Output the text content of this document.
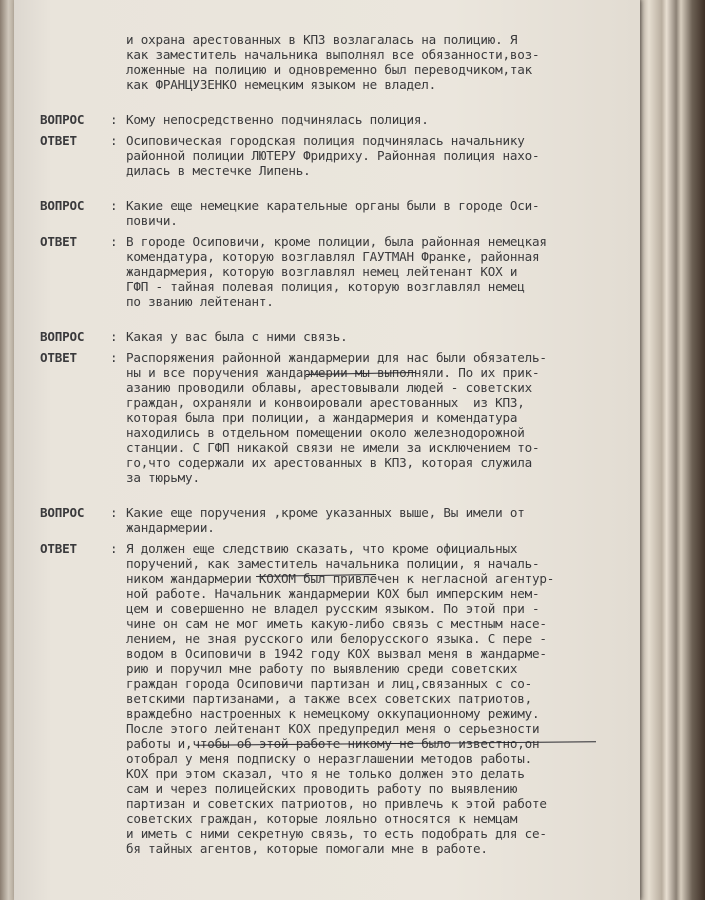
и охрана арестованных в КПЗ возлагалась на полицию. Я
как заместитель начальника выполнял все обязанности,воз-
ложенные на полицию и одновременно был переводчиком,так
как ФРАНЦУЗЕНКО немецким языком не владел.
ВОПРОС	: Кому непосредственно подчинялась полиция.
ОТВЕТ	: Осиповическая городская полиция подчинялась начальнику
районной полиции ЛЮТЕРУ Фридриху. Районная полиция нахо-
дилась в местечке Липень.
ВОПРОС	: Какие еще немецкие карательные органы были в городе Оси-
повичи.
ОТВЕТ	: В городе Осиповичи, кроме полиции, была районная немецкая
комендатура, которую возглавлял ГАУТМАН Франке, районная
жандармерия, которую возглавлял немец лейтенант КОХ и
ГФП - тайная полевая полиция, которую возглавлял немец
по званию лейтенант.
ВОПРОС	: Какая у вас была с ними связь.
ОТВЕТ	: Распоряжения районной жандармерии для нас были обязатель-
ны и все поручения жандармерии мы выполняли. По их прик-
азанию проводили облавы, арестовывали людей - советских
граждан, охраняли и конвоировали арестованных  из КПЗ,
которая была при полиции, а жандармерия и комендатура
находились в отдельном помещении около железнодорожной
станции. С ГФП никакой связи не имели за исключением то-
го,что содержали их арестованных в КПЗ, которая служила
за тюрьму.
ВОПРОС	: Какие еще поручения ,кроме указанных выше, Вы имели от
жандармерии.
ОТВЕТ	: Я должен еще следствию сказать, что кроме официальных
поручений, как заместитель начальника полиции, я началь-
ником жандармерии КОХОМ был привлечен к негласной агентур-
ной работе. Начальник жандармерии КОХ был имперским нем-
цем и совершенно не владел русским языком. По этой при -
чине он сам не мог иметь какую-либо связь с местным насе-
лением, не зная русского или белорусского языка. С пере -
водом в Осиповичи в 1942 году КОХ вызвал меня в жандарме-
рию и поручил мне работу по выявлению среди советских
граждан города Осиповичи партизан и лиц,связанных с со-
ветскими партизанами, а также всех советских патриотов,
враждебно настроенных к немецкому оккупационному режиму.
После этого лейтенант КОХ предупредил меня о серьезности
работы и,чтобы об этой работе никому не было известно,он
отобрал у меня подписку о неразглашении методов работы.
КОХ при этом сказал, что я не только должен это делать
сам и через полицейских проводить работу по выявлению
партизан и советских патриотов, но привлечь к этой работе
советских граждан, которые лояльно относятся к немцам
и иметь с ними секретную связь, то есть подобрать для се-
бя тайных агентов, которые помогали мне в работе.
